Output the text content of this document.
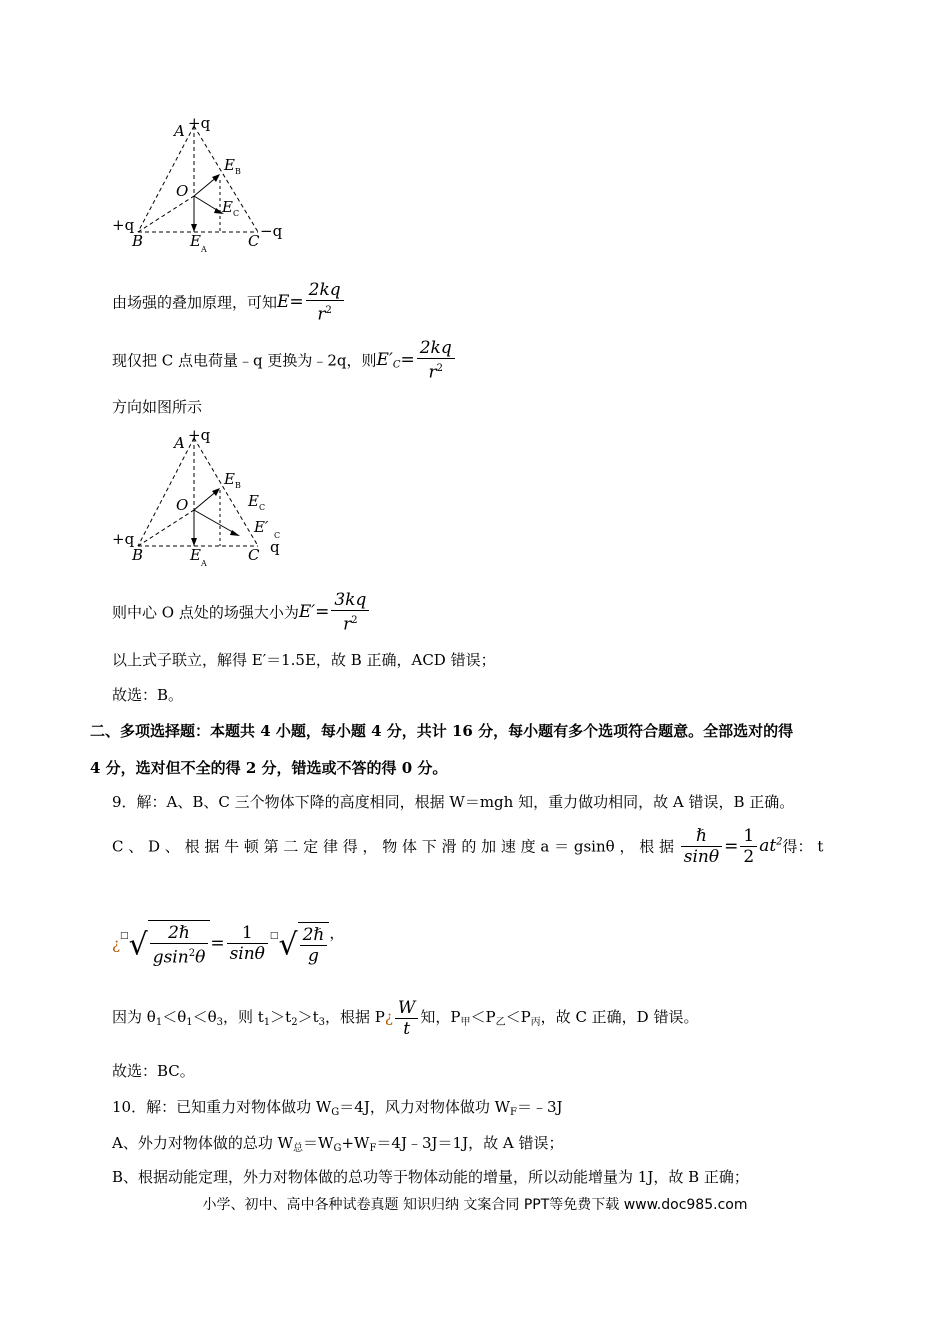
A +q
O
E B
E C
+q
B	E A	C
−q
由场强的叠加原理，可知$E= \frac{2kq}{r^2}$
现仅把 C 点电荷量﹣q 更换为﹣2q，则$E'_C= \frac{2kq}{r^2}$
方向如图所示
A +q
O
E B
E C
E′ C
+q
B	E A	C q
则中心 O 点处的场强大小为$E'= \frac{3kq}{r^2}$
以上式子联立，解得 E′＝1.5E，故 B 正确，ACD 错误；
故选：B。
二、多项选择题：本题共 4 小题，每小题 4 分，共计 16 分，每小题有多个选项符合题意。全部选对的得
4 分，选对但不全的得 2 分，错选或不答的得 0 分。
9．解：A、B、C 三个物体下降的高度相同，根据 W＝mgh 知，重力做功相同，故 A 错误，B 正确。
C 、 D 、 根 据 牛 顿 第 二 定 律 得 ， 物 体 下 滑 的 加 速 度 a ＝ gsinθ ， 根 据 $\frac{\text{ℏ}}{\sin\theta} = \frac{1}{2} at^2$得： t
¿$^□√ \frac{\text{2ℏ}}{gsin^2\theta} = \frac{1}{\sin\theta} ^□√ \frac{\text{2ℏ}}{g}$ ，
因为 $\theta_1<\theta_1<\theta_3$，则 $t_1>t_2>t_3$，根据 P¿ $\frac{W}{t}$ 知，$P_甲<P_乙<P_丙$，故 C 正确，D 错误。
故选：BC。
10．解：已知重力对物体做功 $W_G=4J$，风力对物体做功 $W_F=﹣3J$
A、外力对物体做的总功 $W_总=W_G+W_F=4J﹣3J=1J$，故 A 错误；
B、根据动能定理，外力对物体做的总功等于物体动能的增量，所以动能增量为 1J，故 B 正确；
小学、初中、高中各种试卷真题 知识归纳 文案合同 PPT等免费下载 www.doc985.com
